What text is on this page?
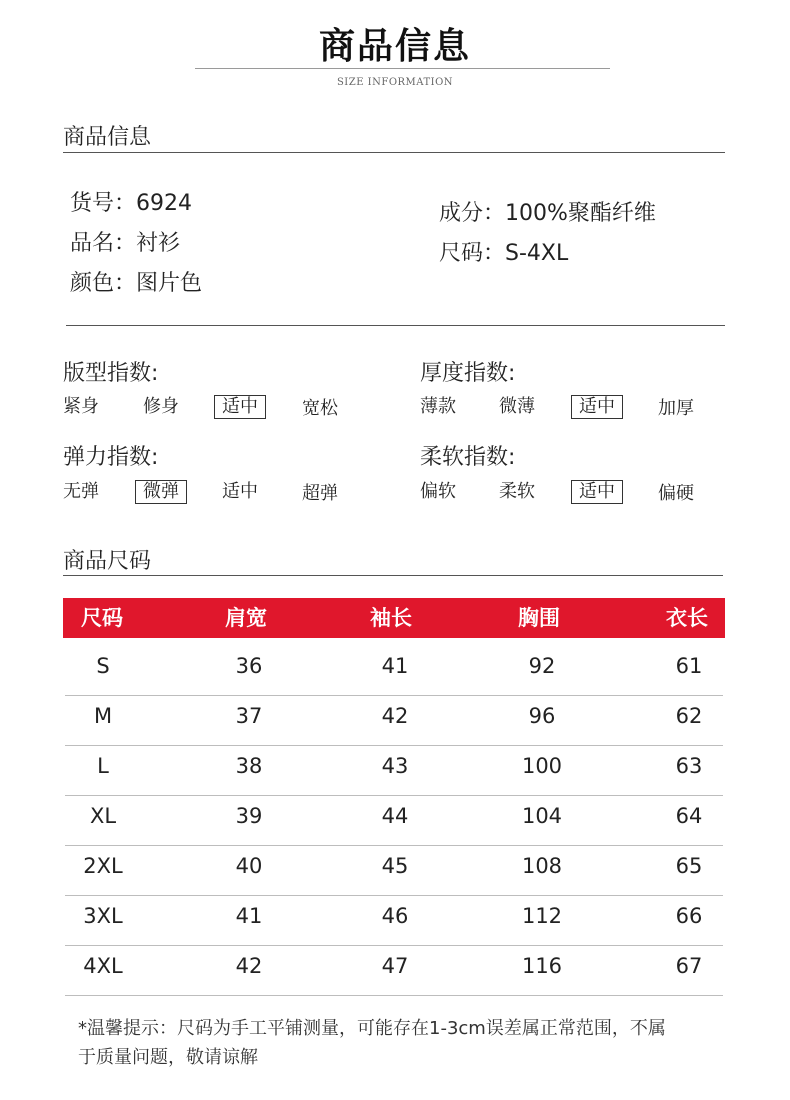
商品信息
SIZE INFORMATION
商品信息
货号：6924
品名：衬衫
颜色：图片色
成分：100%聚酯纤维
尺码：S-4XL
版型指数:
紧身 修身	适中	宽松
厚度指数:
薄款 微薄	适中	加厚
弹力指数:
无弹	微弹	适中 超弹
柔软指数:
偏软 柔软	适中	偏硬
商品尺码
尺码	肩宽	袖长	胸围	衣长
S	36	41	92	61
M	37	42	96	62
L	38	43	100	63
XL	39	44	104	64
2XL	40	45	108	65
3XL	41	46	112	66
4XL	42	47	116	67
*温馨提示：尺码为手工平铺测量，可能存在1-3cm误差属正常范围，不属
于质量问题，敬请谅解
